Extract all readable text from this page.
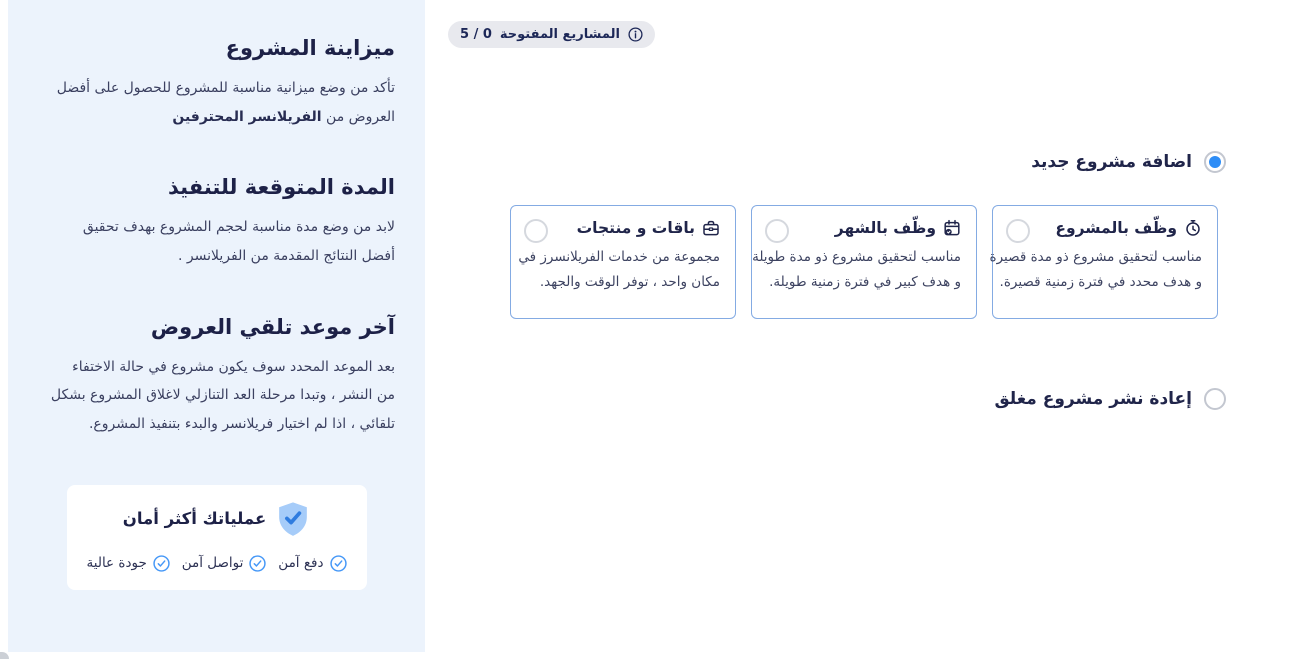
ميزاينة المشروع

تأكد من وضع ميزانية مناسبة للمشروع للحصول على أفضل
العروض من الفريلانسر المحترفين

المدة المتوقعة للتنفيذ

لابد من وضع مدة مناسبة لحجم المشروع بهدف تحقيق
أفضل النتائج المقدمة من الفريلانسر .

آخر موعد تلقي العروض

بعد الموعد المحدد سوف يكون مشروع في حالة الاختفاء
من النشر ، وتبدا مرحلة العد التنازلي لاغلاق المشروع بشكل
تلقائي ، اذا لم اختيار فريلانسر والبدء بتنفيذ المشروع.

عملياتك أكثر أمان
دفع آمن
تواصل آمن
جودة عالية
المشاريع المفتوحة
5 / 0
اضافة مشروع جديد
وظّف بالمشروع
مناسب لتحقيق مشروع ذو مدة قصيرة
و هدف محدد في فترة زمنية قصيرة.
وظّف بالشهر
مناسب لتحقيق مشروع ذو مدة طويلة
و هدف كبير في فترة زمنية طويلة.
باقات و منتجات
مجموعة من خدمات الفريلانسرز في
مكان واحد ، توفر الوقت والجهد.
إعادة نشر مشروع مغلق
